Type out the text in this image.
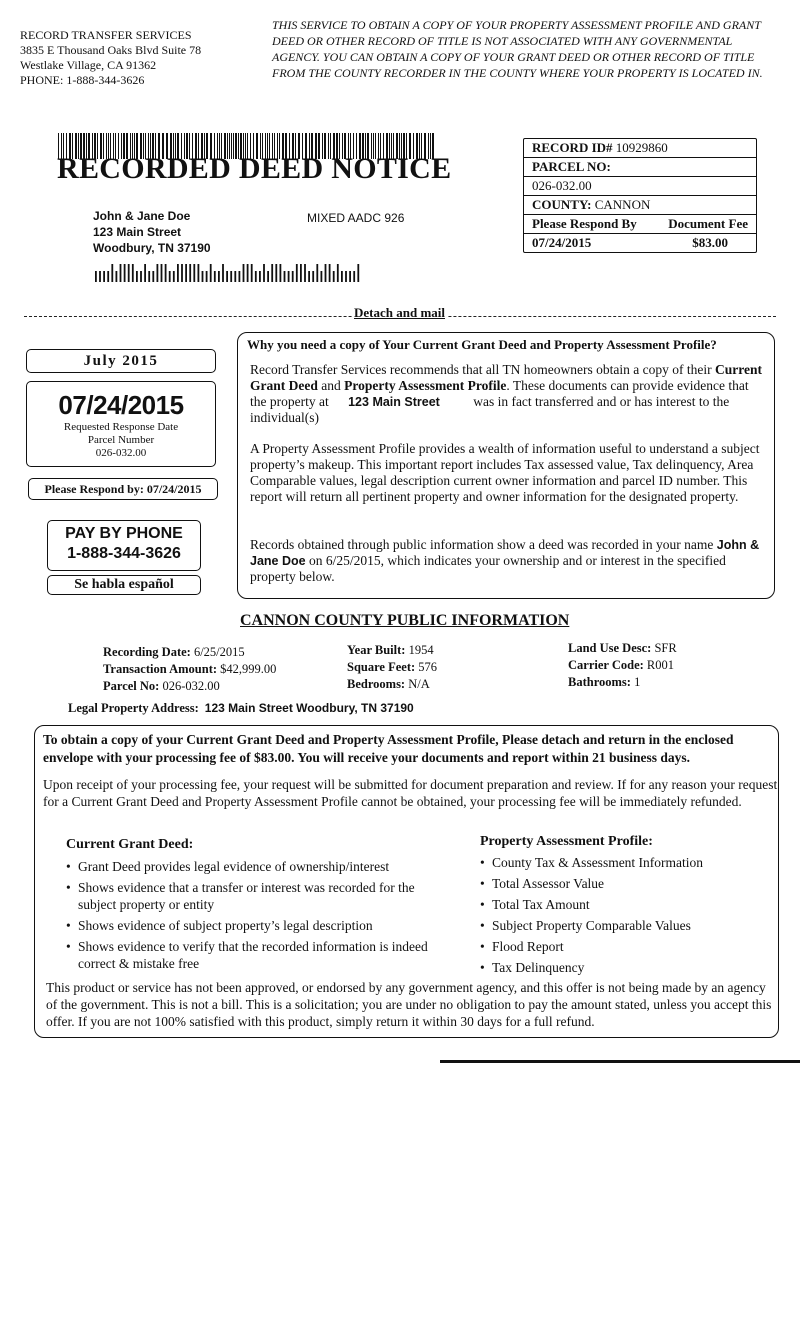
RECORD TRANSFER SERVICES
3835 E Thousand Oaks Blvd Suite 78
Westlake Village, CA 91362
PHONE: 1-888-344-3626
THIS SERVICE TO OBTAIN A COPY OF YOUR PROPERTY ASSESSMENT PROFILE AND GRANT DEED OR OTHER RECORD OF TITLE IS NOT ASSOCIATED WITH ANY GOVERNMENTAL AGENCY. YOU CAN OBTAIN A COPY OF YOUR GRANT DEED OR OTHER RECORD OF TITLE FROM THE COUNTY RECORDER IN THE COUNTY WHERE YOUR PROPERTY IS LOCATED IN.
RECORDED DEED NOTICE
RECORD ID# 10929860
PARCEL NO:
026-032.00
COUNTY: CANNON
Please Respond By Document Fee
07/24/2015	$83.00
John & Jane Doe
123 Main Street
Woodbury, TN 37190
MIXED AADC 926
Detach and mail
July 2015
07/24/2015
Requested Response Date
Parcel Number
026-032.00
Please Respond by: 07/24/2015
PAY BY PHONE
1-888-344-3626
Se habla español
Why you need a copy of Your Current Grant Deed and Property Assessment Profile?
Record Transfer Services recommends that all TN homeowners obtain a copy of their Current Grant Deed and Property Assessment Profile. These documents can provide evidence that the property at 123 Main Street was in fact transferred and or has interest to the individual(s)
A Property Assessment Profile provides a wealth of information useful to understand a subject property’s makeup. This important report includes Tax assessed value, Tax delinquency, Area Comparable values, legal description current owner information and parcel ID number. This report will return all pertinent property and owner information for the designated property.
Records obtained through public information show a deed was recorded in your name John & Jane Doe on 6/25/2015, which indicates your ownership and or interest in the specified property below.
CANNON COUNTY PUBLIC INFORMATION
Recording Date: 6/25/2015
Transaction Amount: $42,999.00
Parcel No: 026-032.00
Year Built: 1954
Square Feet: 576
Bedrooms: N/A
Land Use Desc: SFR
Carrier Code: R001
Bathrooms: 1
Legal Property Address: 123 Main Street Woodbury, TN 37190
To obtain a copy of your Current Grant Deed and Property Assessment Profile, Please detach and return in the enclosed envelope with your processing fee of $83.00. You will receive your documents and report within 21 business days.
Upon receipt of your processing fee, your request will be submitted for document preparation and review. If for any reason your request for a Current Grant Deed and Property Assessment Profile cannot be obtained, your processing fee will be immediately refunded.
Current Grant Deed:
• Grant Deed provides legal evidence of ownership/interest
• Shows evidence that a transfer or interest was recorded for the subject property or entity
• Shows evidence of subject property’s legal description
• Shows evidence to verify that the recorded information is indeed correct & mistake free
Property Assessment Profile:
• County Tax & Assessment Information
• Total Assessor Value
• Total Tax Amount
• Subject Property Comparable Values
• Flood Report
• Tax Delinquency
This product or service has not been approved, or endorsed by any government agency, and this offer is not being made by an agency of the government. This is not a bill. This is a solicitation; you are under no obligation to pay the amount stated, unless you accept this offer. If you are not 100% satisfied with this product, simply return it within 30 days for a full refund.
